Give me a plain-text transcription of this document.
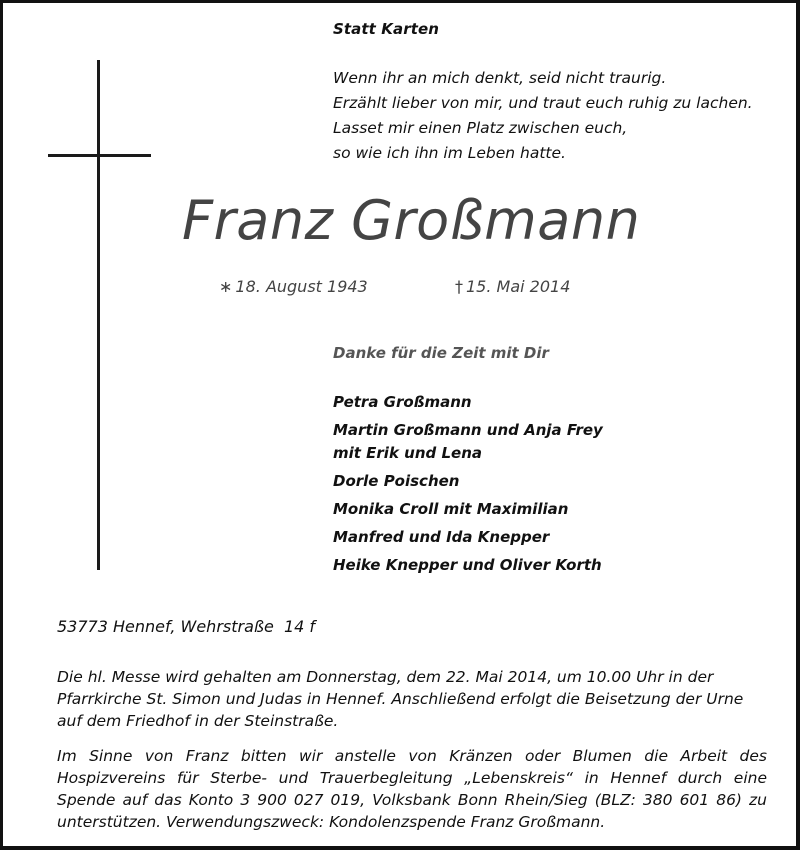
Statt Karten
Wenn ihr an mich denkt, seid nicht traurig.
Erzählt lieber von mir, und traut euch ruhig zu lachen.
Lasset mir einen Platz zwischen euch,
so wie ich ihn im Leben hatte.
Franz Großmann
∗ 18. August 1943	† 15. Mai 2014
Danke für die Zeit mit Dir
Petra Großmann
Martin Großmann und Anja Frey
mit Erik und Lena
Dorle Poischen
Monika Croll mit Maximilian
Manfred und Ida Knepper
Heike Knepper und Oliver Korth
53773 Hennef, Wehrstraße  14 f

Die hl. Messe wird gehalten am Donnerstag, dem 22. Mai 2014, um 10.00 Uhr in der Pfarrkirche St. Simon und Judas in Hennef. Anschließend erfolgt die Beisetzung der Urne auf dem Friedhof in der Steinstraße.

Im Sinne von Franz bitten wir anstelle von Kränzen oder Blumen die Arbeit des Hospizvereins für Sterbe- und Trauerbegleitung „Lebenskreis“ in Hennef durch eine Spende auf das Konto 3 900 027 019, Volksbank Bonn Rhein/Sieg (BLZ: 380 601 86) zu unterstützen. Verwendungszweck: Kondolenzspende Franz Großmann.
